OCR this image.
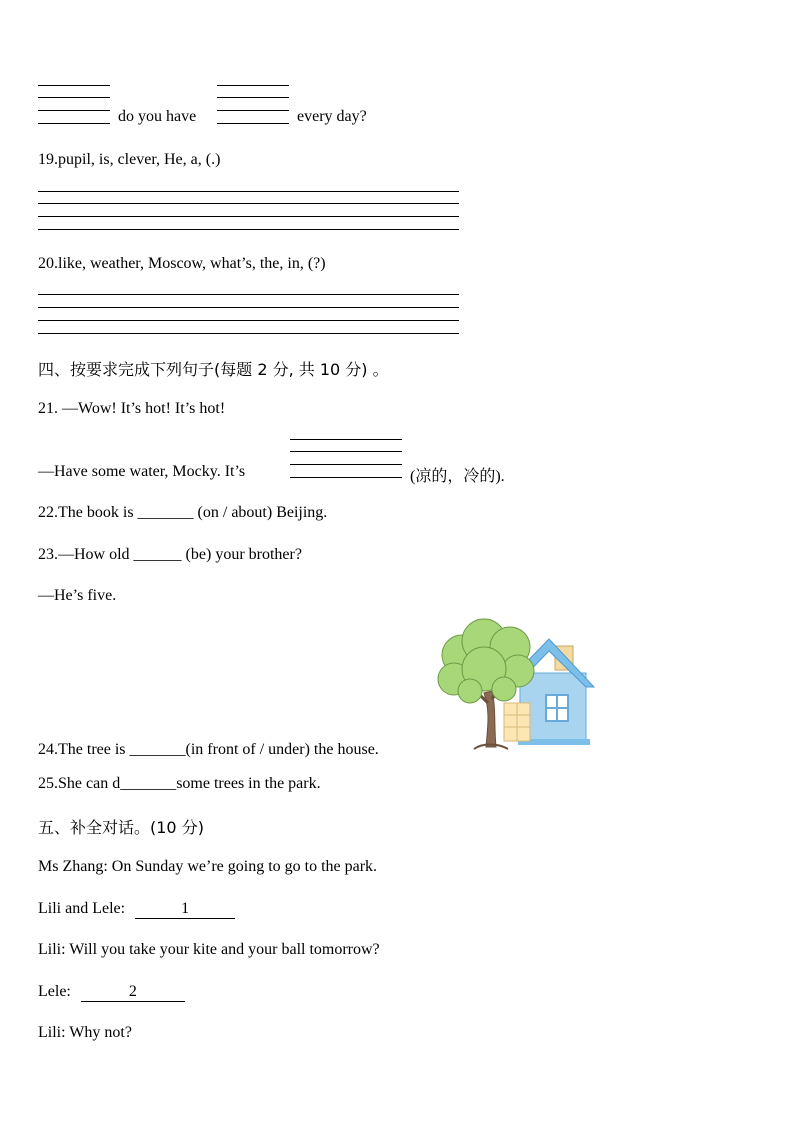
do you have	every day?
19.pupil, is, clever, He, a, (.)
20.like, weather, Moscow, what’s, the, in, (?)
四、按要求完成下列句子(每题 2 分, 共 10 分) 。
21. —Wow! It’s hot! It’s hot!
—Have some water, Mocky. It’s	(凉的，冷的).
22.The book is _______ (on / about) Beijing.
23.—How old ______ (be) your brother?
—He’s five.
24.The tree is _______(in front of / under) the house.
25.She can d_______some trees in the park.
五、补全对话。(10 分)
Ms Zhang: On Sunday we’re going to go to the park.
Lili and Lele:	1
Lili: Will you take your kite and your ball tomorrow?
Lele:	2
Lili: Why not?
